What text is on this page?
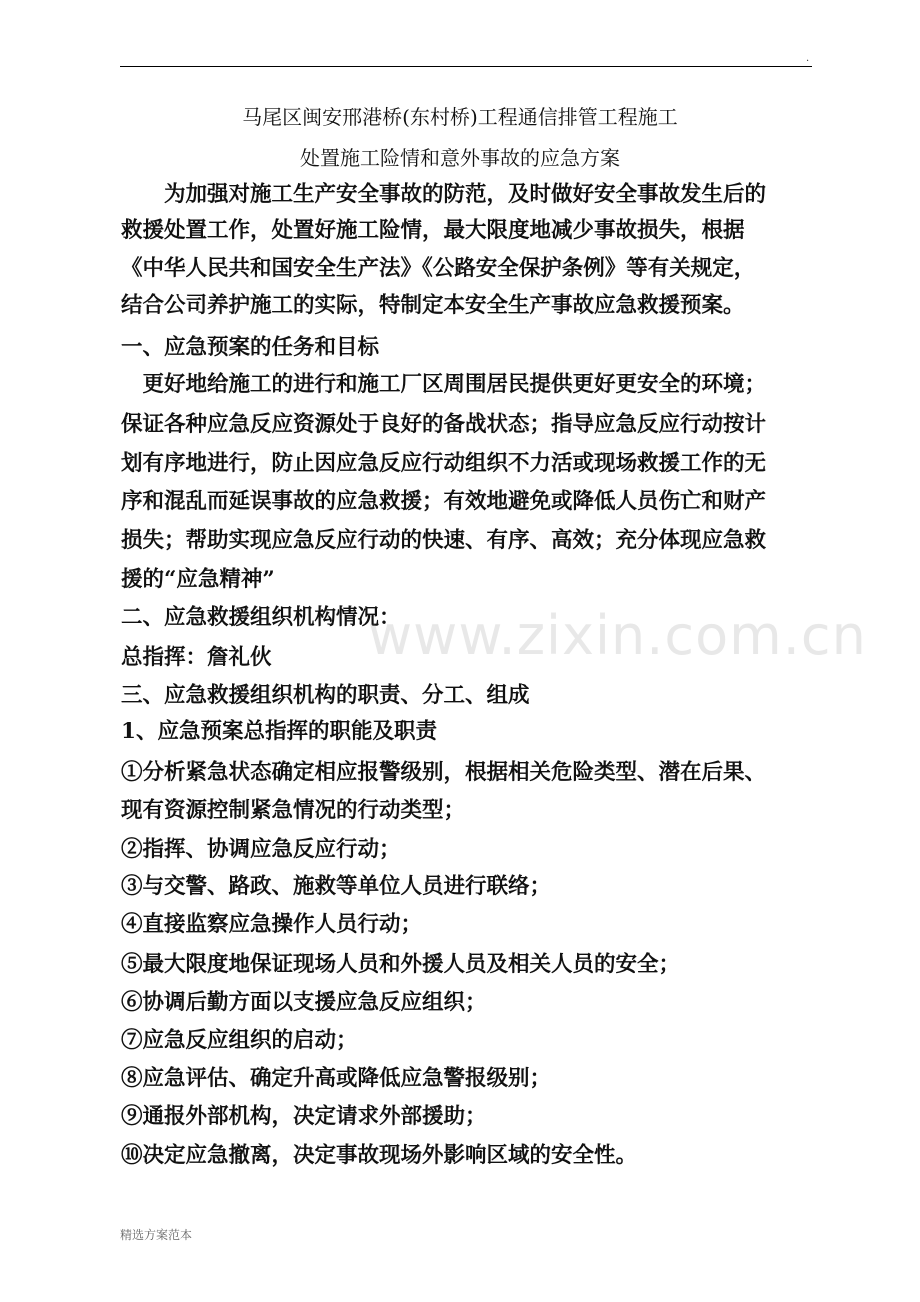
.
马尾区闽安邢港桥(东村桥)工程通信排管工程施工
处置施工险情和意外事故的应急方案
　　为加强对施工生产安全事故的防范，及时做好安全事故发生后的
救援处置工作，处置好施工险情，最大限度地减少事故损失，根据
《中华人民共和国安全生产法》《公路安全保护条例》等有关规定，
结合公司养护施工的实际，特制定本安全生产事故应急救援预案。
一、应急预案的任务和目标
　更好地给施工的进行和施工厂区周围居民提供更好更安全的环境；
保证各种应急反应资源处于良好的备战状态；指导应急反应行动按计
划有序地进行，防止因应急反应行动组织不力活或现场救援工作的无
序和混乱而延误事故的应急救援；有效地避免或降低人员伤亡和财产
损失；帮助实现应急反应行动的快速、有序、高效；充分体现应急救
援的“应急精神”
二、应急救援组织机构情况：
总指挥：詹礼伙
三、应急救援组织机构的职责、分工、组成
1、应急预案总指挥的职能及职责
①分析紧急状态确定相应报警级别，根据相关危险类型、潜在后果、
现有资源控制紧急情况的行动类型；
②指挥、协调应急反应行动；
③与交警、路政、施救等单位人员进行联络；
④直接监察应急操作人员行动；
⑤最大限度地保证现场人员和外援人员及相关人员的安全；
⑥协调后勤方面以支援应急反应组织；
⑦应急反应组织的启动；
⑧应急评估、确定升高或降低应急警报级别；
⑨通报外部机构，决定请求外部援助；
⑩决定应急撤离，决定事故现场外影响区域的安全性。
www.zixin.com.cn
精选方案范本
